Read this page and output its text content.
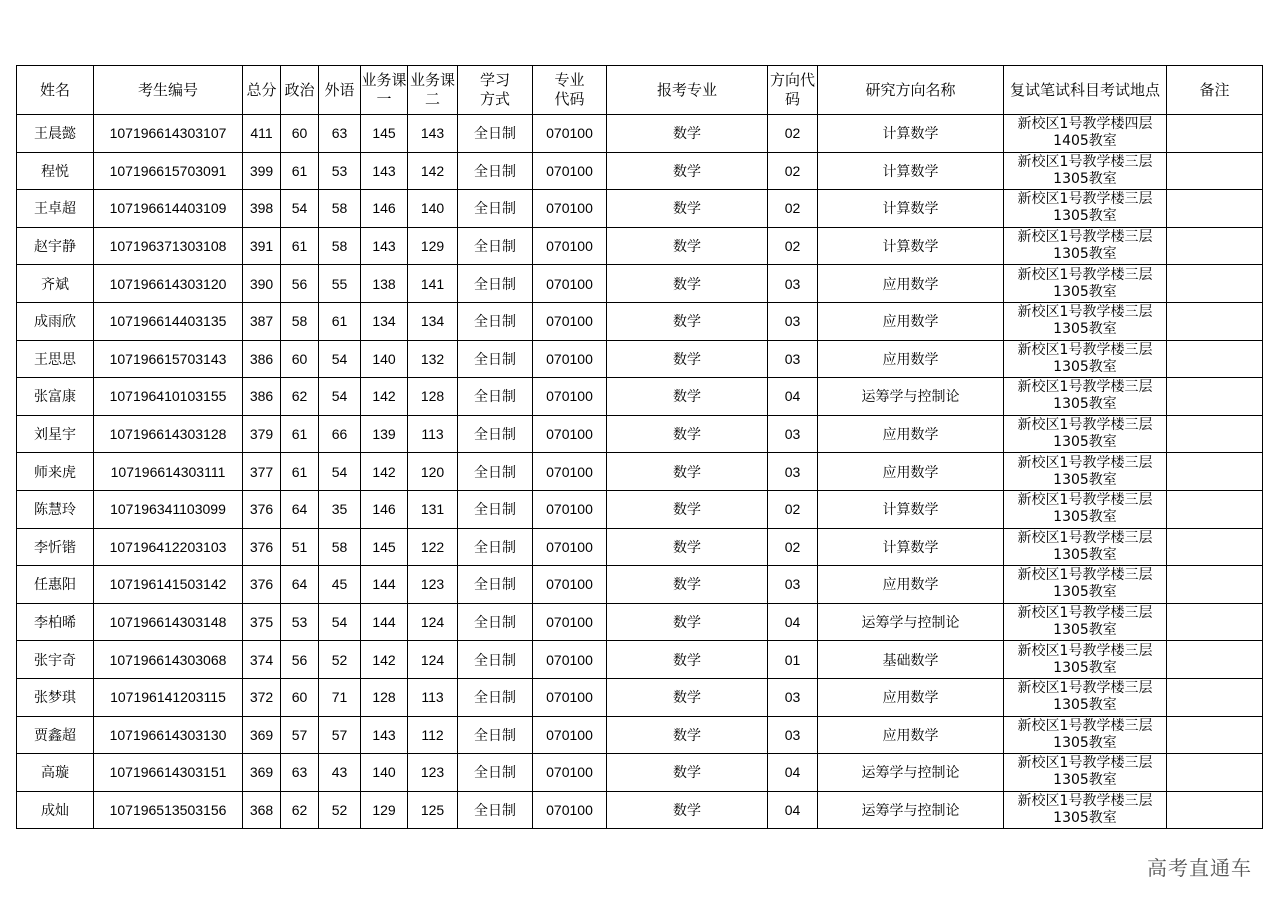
姓名	考生编号	总分	政治	外语	业务课一	业务课二	学习方式	专业代码	报考专业	方向代码	研究方向名称	复试笔试科目考试地点	备注
王晨懿	107196614303107	411	60	63	145	143	全日制	070100	数学	02	计算数学	新校区1号教学楼四层
1405教室	

程悦	107196615703091	399	61	53	143	142	全日制	070100	数学	02	计算数学	新校区1号教学楼三层
1305教室	

王卓超	107196614403109	398	54	58	146	140	全日制	070100	数学	02	计算数学	新校区1号教学楼三层
1305教室	

赵宇静	107196371303108	391	61	58	143	129	全日制	070100	数学	02	计算数学	新校区1号教学楼三层
1305教室	

齐斌	107196614303120	390	56	55	138	141	全日制	070100	数学	03	应用数学	新校区1号教学楼三层
1305教室	

成雨欣	107196614403135	387	58	61	134	134	全日制	070100	数学	03	应用数学	新校区1号教学楼三层
1305教室	

王思思	107196615703143	386	60	54	140	132	全日制	070100	数学	03	应用数学	新校区1号教学楼三层
1305教室	

张富康	107196410103155	386	62	54	142	128	全日制	070100	数学	04	运筹学与控制论	新校区1号教学楼三层
1305教室	

刘星宇	107196614303128	379	61	66	139	113	全日制	070100	数学	03	应用数学	新校区1号教学楼三层
1305教室	

师来虎	107196614303111	377	61	54	142	120	全日制	070100	数学	03	应用数学	新校区1号教学楼三层
1305教室	

陈慧玲	107196341103099	376	64	35	146	131	全日制	070100	数学	02	计算数学	新校区1号教学楼三层
1305教室	

李忻锴	107196412203103	376	51	58	145	122	全日制	070100	数学	02	计算数学	新校区1号教学楼三层
1305教室	

任惠阳	107196141503142	376	64	45	144	123	全日制	070100	数学	03	应用数学	新校区1号教学楼三层
1305教室	

李柏晞	107196614303148	375	53	54	144	124	全日制	070100	数学	04	运筹学与控制论	新校区1号教学楼三层
1305教室	

张宇奇	107196614303068	374	56	52	142	124	全日制	070100	数学	01	基础数学	新校区1号教学楼三层
1305教室	

张梦琪	107196141203115	372	60	71	128	113	全日制	070100	数学	03	应用数学	新校区1号教学楼三层
1305教室	

贾鑫超	107196614303130	369	57	57	143	112	全日制	070100	数学	03	应用数学	新校区1号教学楼三层
1305教室	

高璇	107196614303151	369	63	43	140	123	全日制	070100	数学	04	运筹学与控制论	新校区1号教学楼三层
1305教室	

成灿	107196513503156	368	62	52	129	125	全日制	070100	数学	04	运筹学与控制论	新校区1号教学楼三层
1305教室	

高考直通车
